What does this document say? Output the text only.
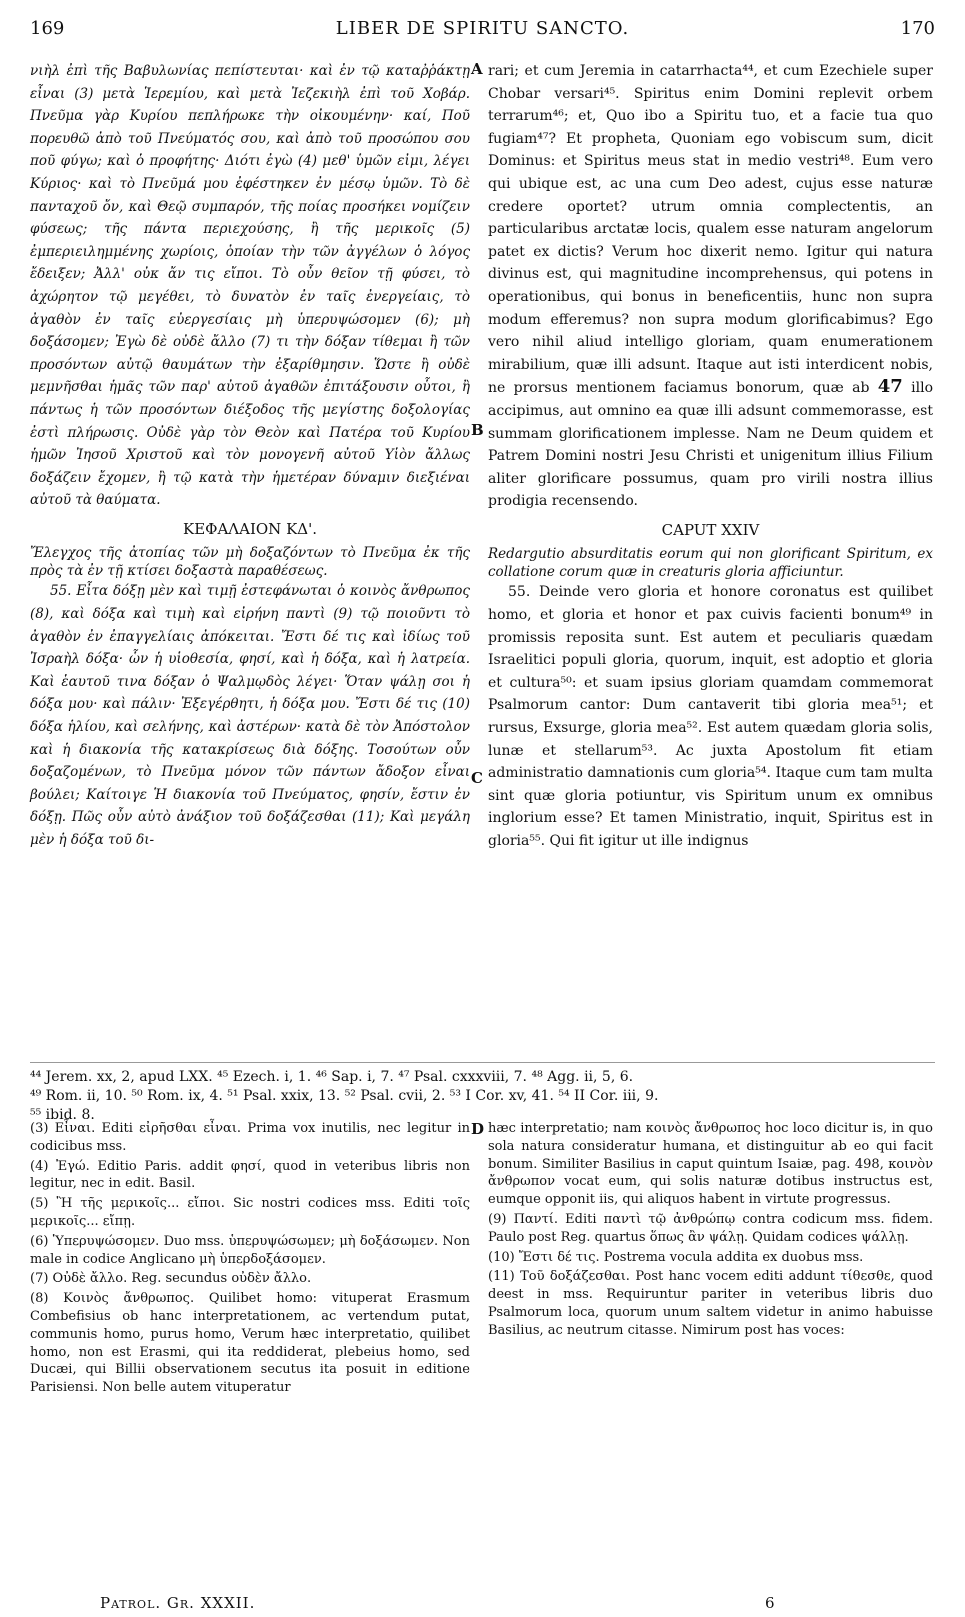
169	LIBER DE SPIRITU SANCTO.	170

νιὴλ ἐπὶ τῆς Βαβυλωνίας πεπίστευται· καὶ ἐν τῷ καταῤῥάκτῃ εἶναι (3) μετὰ Ἱερεμίου, καὶ μετὰ Ἰεζεκιὴλ ἐπὶ τοῦ Χοβάρ. Πνεῦμα γὰρ Κυρίου πεπλήρωκε τὴν οἰκουμένην· καί, Ποῦ πορευθῶ ἀπὸ τοῦ Πνεύματός σου, καὶ ἀπὸ τοῦ προσώπου σου ποῦ φύγω; καὶ ὁ προφήτης· Διότι ἐγὼ (4) μεθ' ὑμῶν εἰμι, λέγει Κύριος· καὶ τὸ Πνεῦμά μου ἐφέστηκεν ἐν μέσῳ ὑμῶν. Τὸ δὲ πανταχοῦ ὄν, καὶ Θεῷ συμπαρόν, τῆς ποίας προσήκει νομίζειν φύσεως; τῆς πάντα περιεχούσης, ἢ τῆς μερικοῖς (5) ἐμπεριειλημμένης χωρίοις, ὁποίαν τὴν τῶν ἀγγέλων ὁ λόγος ἔδειξεν; Ἀλλ' οὐκ ἄν τις εἴποι. Τὸ οὖν θεῖον τῇ φύσει, τὸ ἀχώρητον τῷ μεγέθει, τὸ δυνατὸν ἐν ταῖς ἐνεργείαις, τὸ ἀγαθὸν ἐν ταῖς εὐεργεσίαις μὴ ὑπερυψώσομεν (6); μὴ δοξάσομεν; Ἐγὼ δὲ οὐδὲ ἄλλο (7) τι τὴν δόξαν τίθεμαι ἢ τῶν προσόντων αὐτῷ θαυμάτων τὴν ἐξαρίθμησιν. Ὥστε ἢ οὐδὲ μεμνῆσθαι ἡμᾶς τῶν παρ' αὐτοῦ ἀγαθῶν ἐπιτάξουσιν οὗτοι, ἢ πάντως ἡ τῶν προσόντων διέξοδος τῆς μεγίστης δοξολογίας ἐστὶ πλήρωσις. Οὐδὲ γὰρ τὸν Θεὸν καὶ Πατέρα τοῦ Κυρίου ἡμῶν Ἰησοῦ Χριστοῦ καὶ τὸν μονογενῆ αὐτοῦ Υἱὸν ἄλλως δοξάζειν ἔχομεν, ἢ τῷ κατὰ τὴν ἡμετέραν δύναμιν διεξιέναι αὐτοῦ τὰ θαύματα.

ΚΕΦΑΛΑΙΟΝ ΚΔ'.

Ἔλεγχος τῆς ἀτοπίας τῶν μὴ δοξαζόντων τὸ Πνεῦμα ἐκ τῆς πρὸς τὰ ἐν τῇ κτίσει δοξαστὰ παραθέσεως.

55. Εἶτα δόξῃ μὲν καὶ τιμῇ ἐστεφάνωται ὁ κοινὸς ἄνθρωπος (8), καὶ δόξα καὶ τιμὴ καὶ εἰρήνη παντὶ (9) τῷ ποιοῦντι τὸ ἀγαθὸν ἐν ἐπαγγελίαις ἀπόκειται. Ἔστι δέ τις καὶ ἰδίως τοῦ Ἰσραὴλ δόξα· ὧν ἡ υἱοθεσία, φησί, καὶ ἡ δόξα, καὶ ἡ λατρεία. Καὶ ἑαυτοῦ τινα δόξαν ὁ Ψαλμῳδὸς λέγει· Ὅταν ψάλῃ σοι ἡ δόξα μου· καὶ πάλιν· Ἐξεγέρθητι, ἡ δόξα μου. Ἔστι δέ τις (10) δόξα ἡλίου, καὶ σελήνης, καὶ ἀστέρων· κατὰ δὲ τὸν Ἀπόστολον καὶ ἡ διακονία τῆς κατακρίσεως διὰ δόξης. Τοσούτων οὖν δοξαζομένων, τὸ Πνεῦμα μόνον τῶν πάντων ἄδοξον εἶναι βούλει; Καίτοιγε Ἡ διακονία τοῦ Πνεύματος, φησίν, ἔστιν ἐν δόξῃ. Πῶς οὖν αὐτὸ ἀνάξιον τοῦ δοξάζεσθαι (11); Καὶ μεγάλη μὲν ἡ δόξα τοῦ δι-

rari; et cum Jeremia in catarrhacta⁴⁴, et cum Ezechiele super Chobar versari⁴⁵. Spiritus enim Domini replevit orbem terrarum⁴⁶; et, Quo ibo a Spiritu tuo, et a facie tua quo fugiam⁴⁷? Et propheta, Quoniam ego vobiscum sum, dicit Dominus: et Spiritus meus stat in medio vestri⁴⁸. Eum vero qui ubique est, ac una cum Deo adest, cujus esse naturæ credere oportet? utrum omnia complectentis, an particularibus arctatæ locis, qualem esse naturam angelorum patet ex dictis? Verum hoc dixerit nemo. Igitur qui natura divinus est, qui magnitudine incomprehensus, qui potens in operationibus, qui bonus in beneficentiis, hunc non supra modum efferemus? non supra modum glorificabimus? Ego vero nihil aliud intelligo gloriam, quam enumerationem mirabilium, quæ illi adsunt. Itaque aut isti interdicent nobis, ne prorsus mentionem faciamus bonorum, quæ ab 47 illo accipimus, aut omnino ea quæ illi adsunt commemorasse, est summam glorificationem implesse. Nam ne Deum quidem et Patrem Domini nostri Jesu Christi et unigenitum illius Filium aliter glorificare possumus, quam pro virili nostra illius prodigia recensendo.

CAPUT XXIV

Redargutio absurditatis eorum qui non glorificant Spiritum, ex collatione corum quæ in creaturis gloria afficiuntur.

55. Deinde vero gloria et honore coronatus est quilibet homo, et gloria et honor et pax cuivis facienti bonum⁴⁹ in promissis reposita sunt. Est autem et peculiaris quædam Israelitici populi gloria, quorum, inquit, est adoptio et gloria et cultura⁵⁰: et suam ipsius gloriam quamdam commemorat Psalmorum cantor: Dum cantaverit tibi gloria mea⁵¹; et rursus, Exsurge, gloria mea⁵². Est autem quædam gloria solis, lunæ et stellarum⁵³. Ac juxta Apostolum fit etiam administratio damnationis cum gloria⁵⁴. Itaque cum tam multa sint quæ gloria potiuntur, vis Spiritum unum ex omnibus inglorium esse? Et tamen Ministratio, inquit, Spiritus est in gloria⁵⁵. Qui fit igitur ut ille indignus

A
B
C
D
⁴⁴ Jerem. xx, 2, apud LXX. ⁴⁵ Ezech. i, 1. ⁴⁶ Sap. i, 7. ⁴⁷ Psal. cxxxviii, 7. ⁴⁸ Agg. ii, 5, 6.
⁴⁹ Rom. ii, 10. ⁵⁰ Rom. ix, 4. ⁵¹ Psal. xxix, 13. ⁵² Psal. cvii, 2. ⁵³ I Cor. xv, 41. ⁵⁴ II Cor. iii, 9.
⁵⁵ ibid. 8.

(3) Εἶναι. Editi εἰρῆσθαι εἶναι. Prima vox inutilis, nec legitur in codicibus mss.

(4) Ἐγώ. Editio Paris. addit φησί, quod in veteribus libris non legitur, nec in edit. Basil.

(5) Ἢ τῆς μερικοῖς... εἴποι. Sic nostri codices mss. Editi τοῖς μερικοῖς... εἴπῃ.

(6) Ὑπερυψώσομεν. Duo mss. ὑπερυψώσωμεν; μὴ δοξάσωμεν. Non male in codice Anglicano μὴ ὑπερδοξάσομεν.

(7) Οὐδὲ ἄλλο. Reg. secundus οὐδὲν ἄλλο.

(8) Κοινὸς ἄνθρωπος. Quilibet homo: vituperat Erasmum Combefisius ob hanc interpretationem, ac vertendum putat, communis homo, purus homo, Verum hæc interpretatio, quilibet homo, non est Erasmi, qui ita reddiderat, plebeius homo, sed Ducæi, qui Billii observationem secutus ita posuit in editione Parisiensi. Non belle autem vituperatur

hæc interpretatio; nam κοινὸς ἄνθρωπος hoc loco dicitur is, in quo sola natura consideratur humana, et distinguitur ab eo qui facit bonum. Similiter Basilius in caput quintum Isaiæ, pag. 498, κοινὸν ἄνθρωπον vocat eum, qui solis naturæ dotibus instructus est, eumque opponit iis, qui aliquos habent in virtute progressus.

(9) Παντί. Editi παντὶ τῷ ἀνθρώπῳ contra codicum mss. fidem. Paulo post Reg. quartus ὅπως ἂν ψάλῃ. Quidam codices ψάλλῃ.

(10) Ἔστι δέ τις. Postrema vocula addita ex duobus mss.

(11) Τοῦ δοξάζεσθαι. Post hanc vocem editi addunt τίθεσθε, quod deest in mss. Requiruntur pariter in veteribus libris duo Psalmorum loca, quorum unum saltem videtur in animo habuisse Basilius, ac neutrum citasse. Nimirum post has voces:

Patrol. Gr. XXXII.	6
